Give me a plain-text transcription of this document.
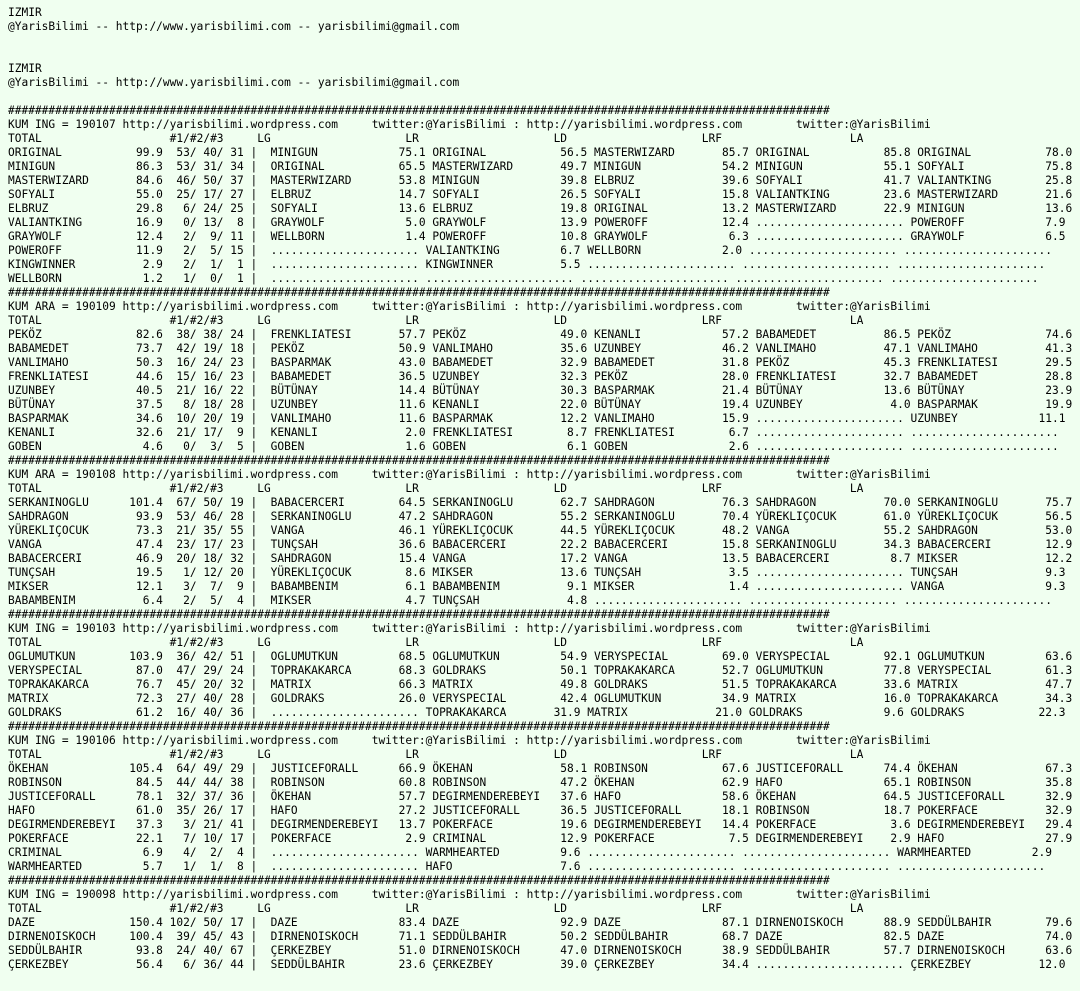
IZMIR
@YarisBilimi -- http://www.yarisbilimi.com -- yarisbilimi@gmail.com
IZMIR
@YarisBilimi -- http://www.yarisbilimi.com -- yarisbilimi@gmail.com
##########################################################################################################################
KUM ING = 190107 http://yarisbilimi.wordpress.com     twitter:@YarisBilimi : http://yarisbilimi.wordpress.com        twitter:@YarisBilimi
TOTAL                   #1/#2/#3     LG                    LR                    LD                    LRF                   LA
ORIGINAL           99.9  53/ 40/ 31 |  MINIGUN            75.1 ORIGINAL           56.5 MASTERWIZARD       85.7 ORIGINAL           85.8 ORIGINAL           78.0
MINIGUN            86.3  53/ 31/ 34 |  ORIGINAL           65.5 MASTERWIZARD       49.7 MINIGUN            54.2 MINIGUN            55.1 SOFYALI            75.8
MASTERWIZARD       84.6  46/ 50/ 37 |  MASTERWIZARD       53.8 MINIGUN            39.8 ELBRUZ             39.6 SOFYALI            41.7 VALIANTKING        25.8
SOFYALI            55.0  25/ 17/ 27 |  ELBRUZ             14.7 SOFYALI            26.5 SOFYALI            15.8 VALIANTKING        23.6 MASTERWIZARD       21.6
ELBRUZ             29.8   6/ 24/ 25 |  SOFYALI            13.6 ELBRUZ             19.8 ORIGINAL           13.2 MASTERWIZARD       22.9 MINIGUN            13.6
VALIANTKING        16.9   0/ 13/  8 |  GRAYWOLF            5.0 GRAYWOLF           13.9 POWEROFF           12.4 ...................... POWEROFF            7.9
GRAYWOLF           12.4   2/  9/ 11 |  WELLBORN            1.4 POWEROFF           10.8 GRAYWOLF            6.3 ...................... GRAYWOLF            6.5
POWEROFF           11.9   2/  5/ 15 |  ...................... VALIANTKING         6.7 WELLBORN            2.0 ...................... ......................
KINGWINNER          2.9   2/  1/  1 |  ...................... KINGWINNER          5.5 ...................... ...................... ......................
WELLBORN            1.2   1/  0/  1 |  ...................... ...................... ...................... ...................... ......................
##########################################################################################################################
KUM ARA = 190109 http://yarisbilimi.wordpress.com     twitter:@YarisBilimi : http://yarisbilimi.wordpress.com        twitter:@YarisBilimi
TOTAL                   #1/#2/#3     LG                    LR                    LD                    LRF                   LA
PEKÖZ              82.6  38/ 38/ 24 |  FRENKLIATESI       57.7 PEKÖZ              49.0 KENANLI            57.2 BABAMEDET          86.5 PEKÖZ              74.6
BABAMEDET          73.7  42/ 19/ 18 |  PEKÖZ              50.9 VANLIMAHO          35.6 UZUNBEY            46.2 VANLIMAHO          47.1 VANLIMAHO          41.3
VANLIMAHO          50.3  16/ 24/ 23 |  BASPARMAK          43.0 BABAMEDET          32.9 BABAMEDET          31.8 PEKÖZ              45.3 FRENKLIATESI       29.5
FRENKLIATESI       44.6  15/ 16/ 23 |  BABAMEDET          36.5 UZUNBEY            32.3 PEKÖZ              28.0 FRENKLIATESI       32.7 BABAMEDET          28.8
UZUNBEY            40.5  21/ 16/ 22 |  BÜTÜNAY            14.4 BÜTÜNAY            30.3 BASPARMAK          21.4 BÜTÜNAY            13.6 BÜTÜNAY            23.9
BÜTÜNAY            37.5   8/ 18/ 28 |  UZUNBEY            11.6 KENANLI            22.0 BÜTÜNAY            19.4 UZUNBEY             4.0 BASPARMAK          19.9
BASPARMAK          34.6  10/ 20/ 19 |  VANLIMAHO          11.6 BASPARMAK          12.2 VANLIMAHO          15.9 ...................... UZUNBEY            11.1
KENANLI            32.6  21/ 17/  9 |  KENANLI             2.0 FRENKLIATESI        8.7 FRENKLIATESI        6.7 ...................... ......................
GOBEN               4.6   0/  3/  5 |  GOBEN               1.6 GOBEN               6.1 GOBEN               2.6 ...................... ......................
##########################################################################################################################
KUM ARA = 190108 http://yarisbilimi.wordpress.com     twitter:@YarisBilimi : http://yarisbilimi.wordpress.com        twitter:@YarisBilimi
TOTAL                   #1/#2/#3     LG                    LR                    LD                    LRF                   LA
SERKANINOGLU      101.4  67/ 50/ 19 |  BABACERCERI        64.5 SERKANINOGLU       62.7 SAHDRAGON          76.3 SAHDRAGON          70.0 SERKANINOGLU       75.7
SAHDRAGON          93.9  53/ 46/ 28 |  SERKANINOGLU       47.2 SAHDRAGON          55.2 SERKANINOGLU       70.4 YÜREKLIÇOCUK       61.0 YÜREKLIÇOCUK       56.5
YÜREKLIÇOCUK       73.3  21/ 35/ 55 |  VANGA              46.1 YÜREKLIÇOCUK       44.5 YÜREKLIÇOCUK       48.2 VANGA              55.2 SAHDRAGON          53.0
VANGA              47.4  23/ 17/ 23 |  TUNÇSAH            36.6 BABACERCERI        22.2 BABACERCERI        15.8 SERKANINOGLU       34.3 BABACERCERI        12.9
BABACERCERI        46.9  20/ 18/ 32 |  SAHDRAGON          15.4 VANGA              17.2 VANGA              13.5 BABACERCERI         8.7 MIKSER             12.2
TUNÇSAH            19.5   1/ 12/ 20 |  YÜREKLIÇOCUK        8.6 MIKSER             13.6 TUNÇSAH             3.5 ...................... TUNÇSAH             9.3
MIKSER             12.1   3/  7/  9 |  BABAMBENIM          6.1 BABAMBENIM          9.1 MIKSER              1.4 ...................... VANGA               9.3
BABAMBENIM          6.4   2/  5/  4 |  MIKSER              4.7 TUNÇSAH             4.8 ...................... ...................... ......................
##########################################################################################################################
KUM ING = 190103 http://yarisbilimi.wordpress.com     twitter:@YarisBilimi : http://yarisbilimi.wordpress.com        twitter:@YarisBilimi
TOTAL                   #1/#2/#3     LG                    LR                    LD                    LRF                   LA
OGLUMUTKUN        103.9  36/ 42/ 51 |  OGLUMUTKUN         68.5 OGLUMUTKUN         54.9 VERYSPECIAL        69.0 VERYSPECIAL        92.1 OGLUMUTKUN         63.6
VERYSPECIAL        87.0  47/ 29/ 24 |  TOPRAKAKARCA       68.3 GOLDRAKS           50.1 TOPRAKAKARCA       52.7 OGLUMUTKUN         77.8 VERYSPECIAL        61.3
TOPRAKAKARCA       76.7  45/ 20/ 32 |  MATRIX             66.3 MATRIX             49.8 GOLDRAKS           51.5 TOPRAKAKARCA       33.6 MATRIX             47.7
MATRIX             72.3  27/ 40/ 28 |  GOLDRAKS           26.0 VERYSPECIAL        42.4 OGLUMUTKUN         34.9 MATRIX             16.0 TOPRAKAKARCA       34.3
GOLDRAKS           61.2  16/ 40/ 36 |  ...................... TOPRAKAKARCA       31.9 MATRIX             21.0 GOLDRAKS            9.6 GOLDRAKS           22.3
##########################################################################################################################
KUM ING = 190106 http://yarisbilimi.wordpress.com     twitter:@YarisBilimi : http://yarisbilimi.wordpress.com        twitter:@YarisBilimi
TOTAL                   #1/#2/#3     LG                    LR                    LD                    LRF                   LA
ÖKEHAN            105.4  64/ 49/ 29 |  JUSTICEFORALL      66.9 ÖKEHAN             58.1 ROBINSON           67.6 JUSTICEFORALL      74.4 ÖKEHAN             67.3
ROBINSON           84.5  44/ 44/ 38 |  ROBINSON           60.8 ROBINSON           47.2 ÖKEHAN             62.9 HAFO               65.1 ROBINSON           35.8
JUSTICEFORALL      78.1  32/ 37/ 36 |  ÖKEHAN             57.7 DEGIRMENDEREBEYI   37.6 HAFO               58.6 ÖKEHAN             64.5 JUSTICEFORALL      32.9
HAFO               61.0  35/ 26/ 17 |  HAFO               27.2 JUSTICEFORALL      36.5 JUSTICEFORALL      18.1 ROBINSON           18.7 POKERFACE          32.9
DEGIRMENDEREBEYI   37.3   3/ 21/ 41 |  DEGIRMENDEREBEYI   13.7 POKERFACE          19.6 DEGIRMENDEREBEYI   14.4 POKERFACE           3.6 DEGIRMENDEREBEYI   29.4
POKERFACE          22.1   7/ 10/ 17 |  POKERFACE           2.9 CRIMINAL           12.9 POKERFACE           7.5 DEGIRMENDEREBEYI    2.9 HAFO               27.9
CRIMINAL            6.9   4/  2/  4 |  ...................... WARMHEARTED         9.6 ...................... ...................... WARMHEARTED         2.9
WARMHEARTED         5.7   1/  1/  8 |  ...................... HAFO                7.6 ...................... ...................... ......................
##########################################################################################################################
KUM ING = 190098 http://yarisbilimi.wordpress.com     twitter:@YarisBilimi : http://yarisbilimi.wordpress.com        twitter:@YarisBilimi
TOTAL                   #1/#2/#3     LG                    LR                    LD                    LRF                   LA
DAZE              150.4 102/ 50/ 17 |  DAZE               83.4 DAZE               92.9 DAZE               87.1 DIRNENOISKOCH      88.9 SEDDÜLBAHIR        79.6
DIRNENOISKOCH     100.4  39/ 45/ 43 |  DIRNENOISKOCH      71.1 SEDDÜLBAHIR        50.2 SEDDÜLBAHIR        68.7 DAZE               82.5 DAZE               74.0
SEDDÜLBAHIR        93.8  24/ 40/ 67 |  ÇERKEZBEY          51.0 DIRNENOISKOCH      47.0 DIRNENOISKOCH      38.9 SEDDÜLBAHIR        57.7 DIRNENOISKOCH      63.6
ÇERKEZBEY          56.4   6/ 36/ 44 |  SEDDÜLBAHIR        23.6 ÇERKEZBEY          39.0 ÇERKEZBEY          34.4 ...................... ÇERKEZBEY          12.0
